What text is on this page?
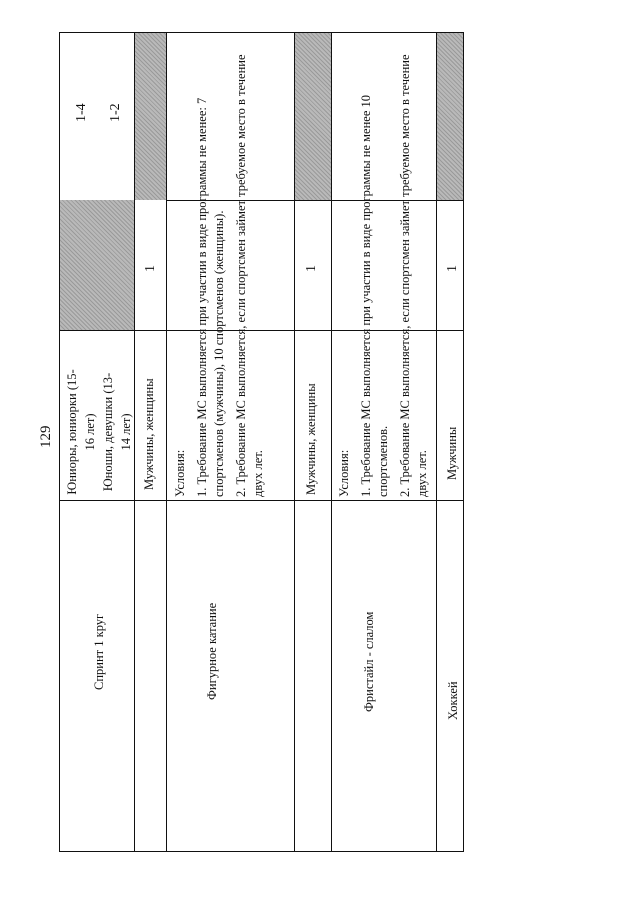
129
Спринт 1 круг
Юниоры, юниорки (15-16 лет) Юноши, девушки (13-14 лет) Мужчины, женщины
1-4 1-2
1
Фигурное катание
Условия: 1. Требование МС выполняется при участии в виде программы не менее: 7 спортсменов (мужчины), 10 спортсменов (женщины). 2. Требование МС выполняется, если спортсмен займет требуемое место в течение двух лет.	Мужчины, женщины
1
Фристайл - слалом
Условия: 1. Требование МС выполняется при участии в виде программы не менее 10 спортсменов. 2. Требование МС выполняется, если спортсмен займет требуемое место в течение двух лет. Мужчины
1
Хоккей
